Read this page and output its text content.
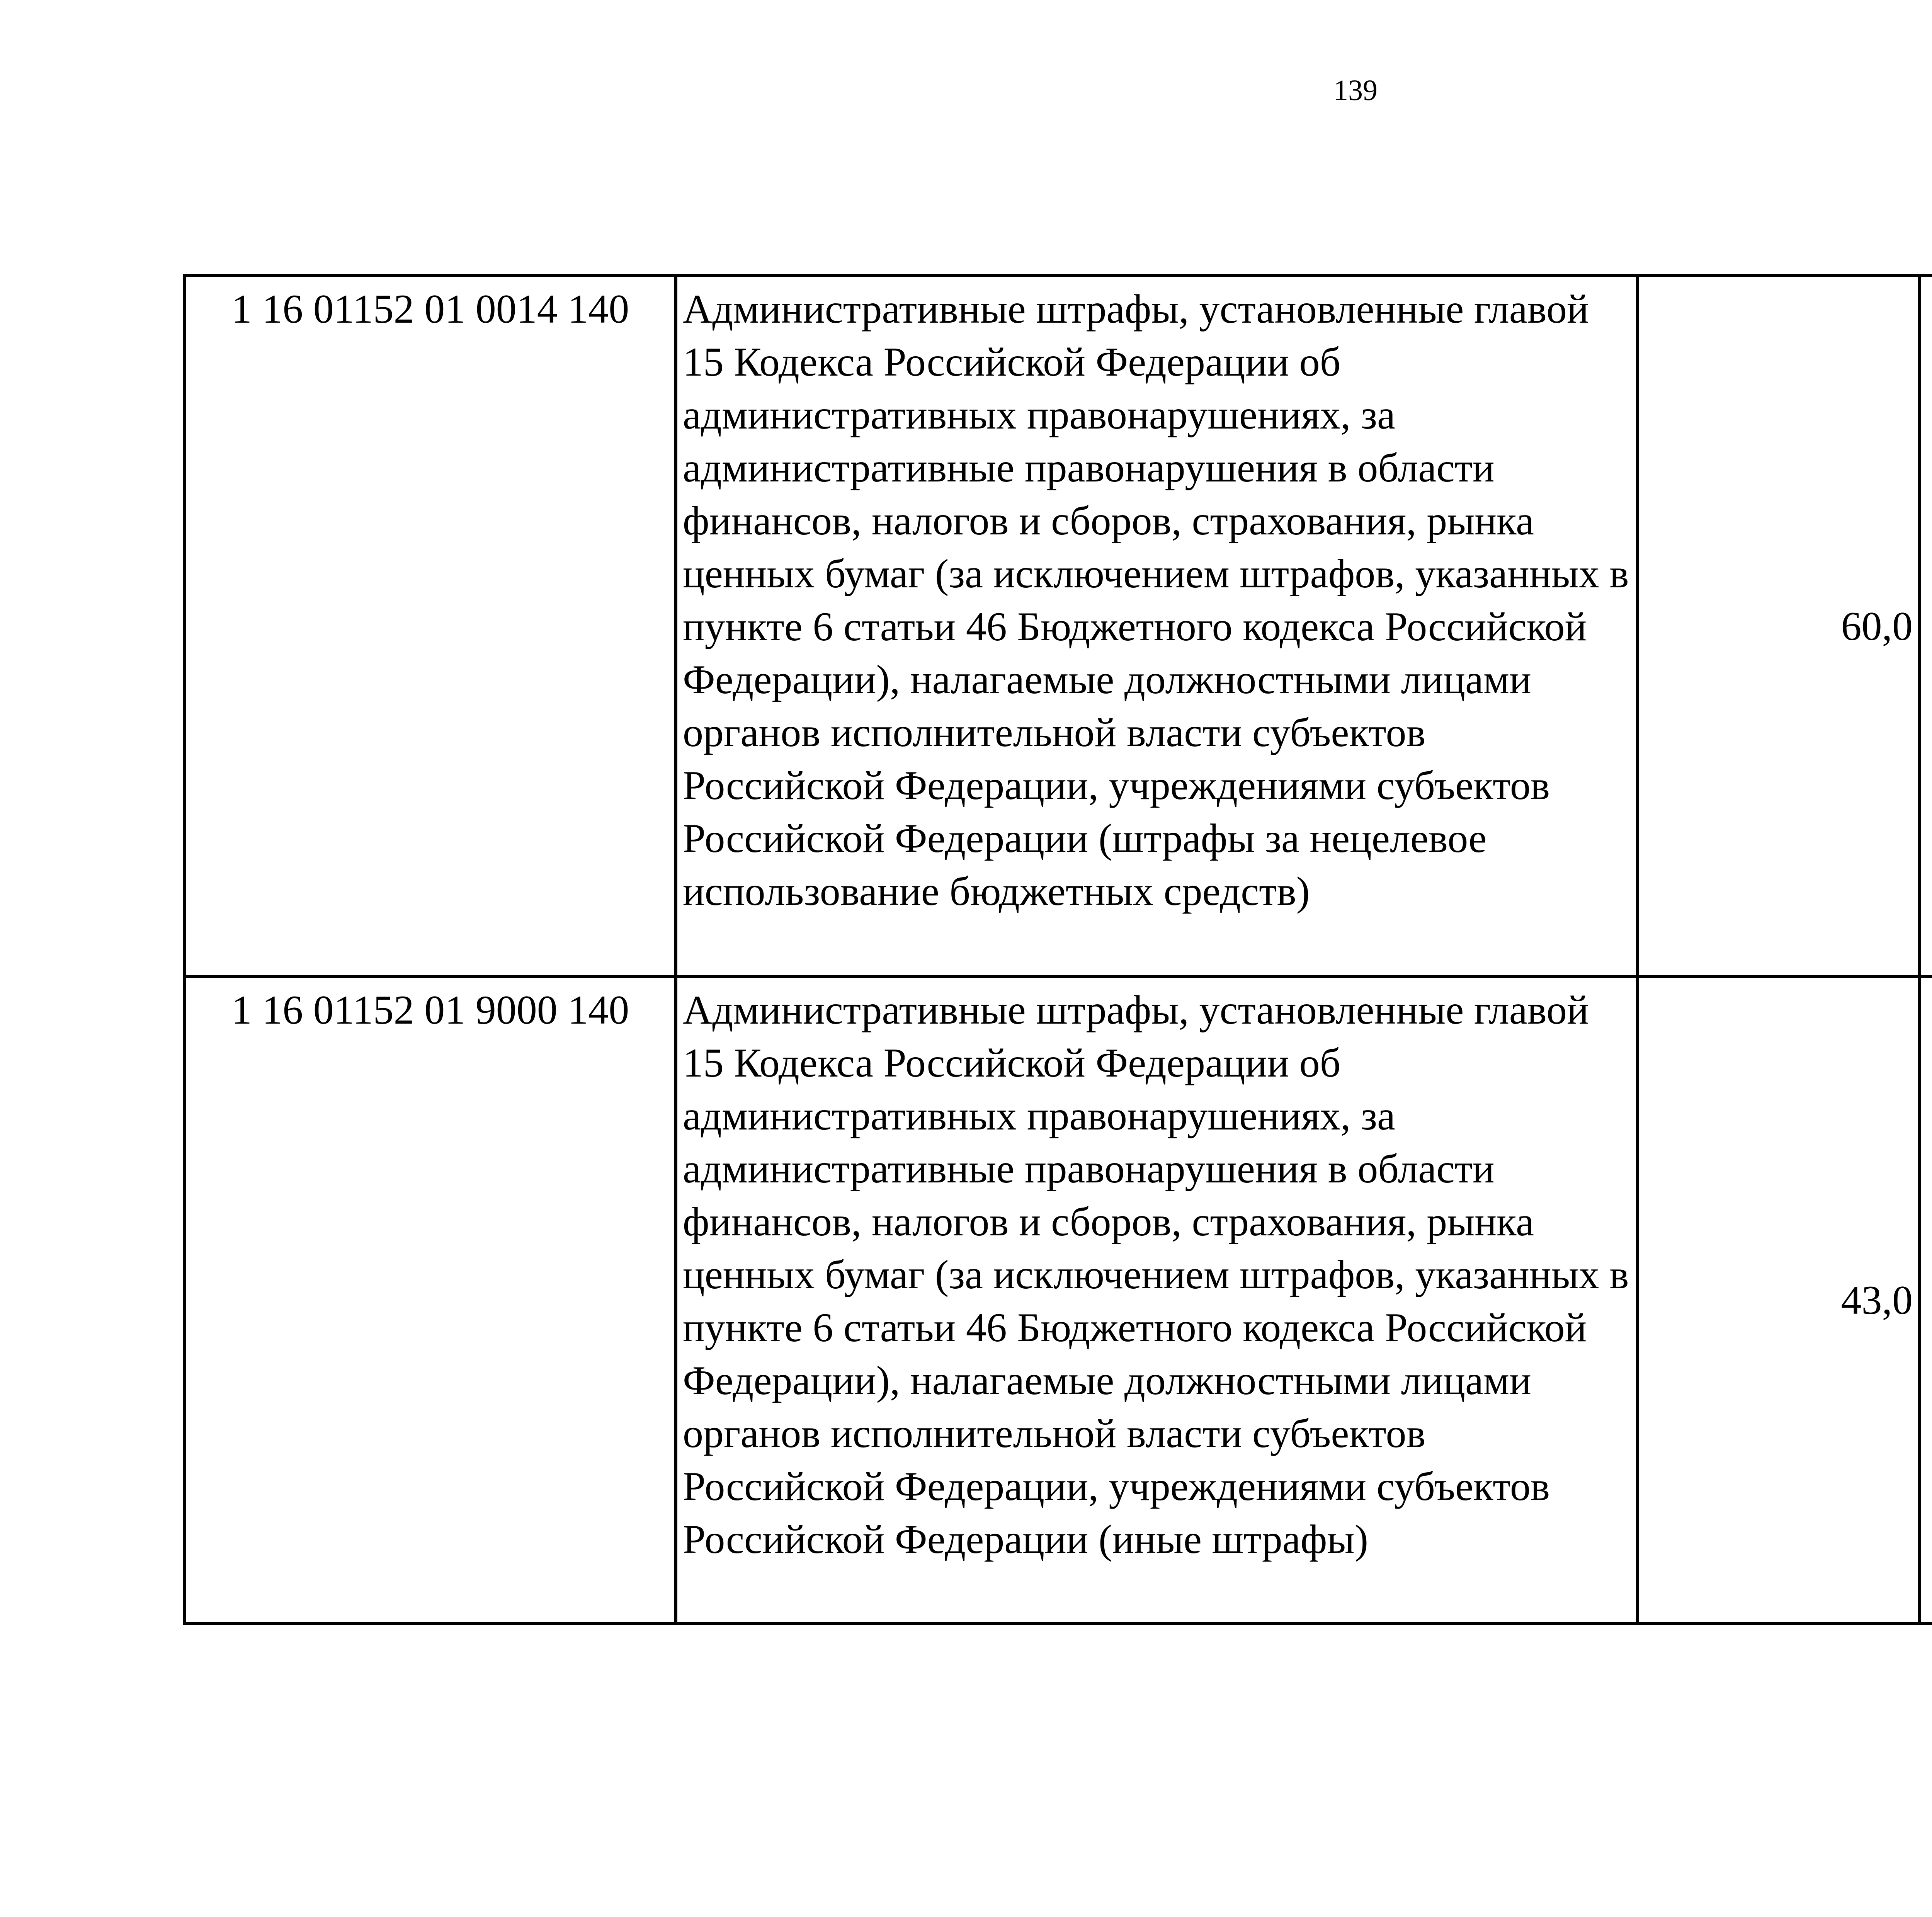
139
1 16 01152 01 0014 140	Административные штрафы, установленные главой 15 Кодекса Российской Федерации об административных правонарушениях, за административные правонарушения в области финансов, налогов и сборов, страхования, рынка ценных бумаг (за исключением штрафов, указанных в пункте 6 статьи 46 Бюджетного кодекса Российской Федерации), налагаемые должностными лицами органов исполнительной власти субъектов Российской Федерации, учреждениями субъектов Российской Федерации (штрафы за нецелевое использование бюджетных средств)	60,0		
1 16 01152 01 9000 140	Административные штрафы, установленные главой 15 Кодекса Российской Федерации об административных правонарушениях, за административные правонарушения в области финансов, налогов и сборов, страхования, рынка ценных бумаг (за исключением штрафов, указанных в пункте 6 статьи 46 Бюджетного кодекса Российской Федерации), налагаемые должностными лицами органов исполнительной власти субъектов Российской Федерации, учреждениями субъектов Российской Федерации (иные штрафы)	43,0		
